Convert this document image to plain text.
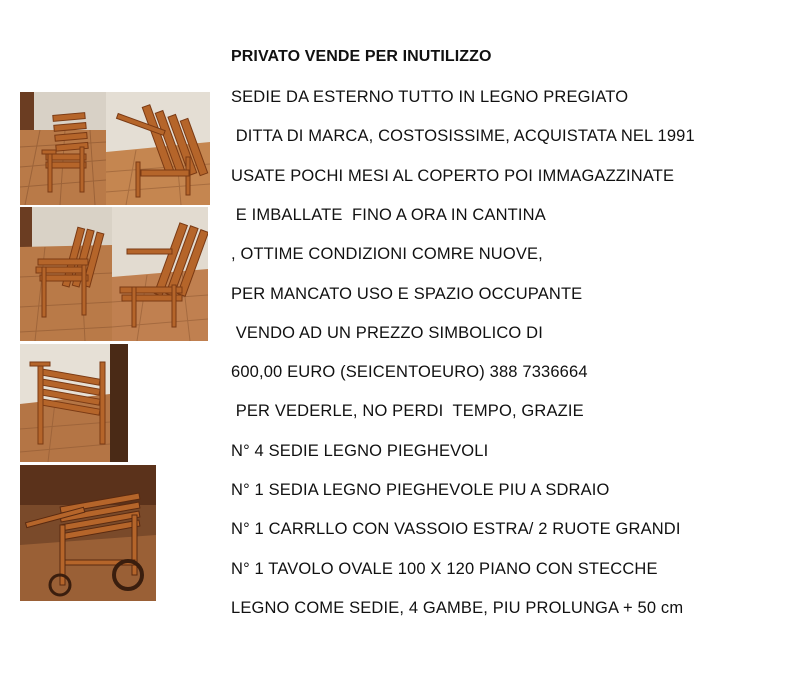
PRIVATO VENDE PER INUTILIZZO
SEDIE DA ESTERNO TUTTO IN LEGNO PREGIATO
DITTA DI MARCA, COSTOSISSIME, ACQUISTATA NEL 1991
USATE POCHI MESI AL COPERTO POI IMMAGAZZINATE
E IMBALLATE  FINO A ORA IN CANTINA
, OTTIME CONDIZIONI COMRE NUOVE,
PER MANCATO USO E SPAZIO OCCUPANTE
VENDO AD UN PREZZO SIMBOLICO DI
600,00 EURO (SEICENTOEURO) 388 7336664
PER VEDERLE, NO PERDI  TEMPO, GRAZIE
N° 4 SEDIE LEGNO PIEGHEVOLI
N° 1 SEDIA LEGNO PIEGHEVOLE PIU A SDRAIO
N° 1 CARRLLO CON VASSOIO ESTRA/ 2 RUOTE GRANDI
N° 1 TAVOLO OVALE 100 X 120 PIANO CON STECCHE
LEGNO COME SEDIE, 4 GAMBE, PIU PROLUNGA + 50 cm
